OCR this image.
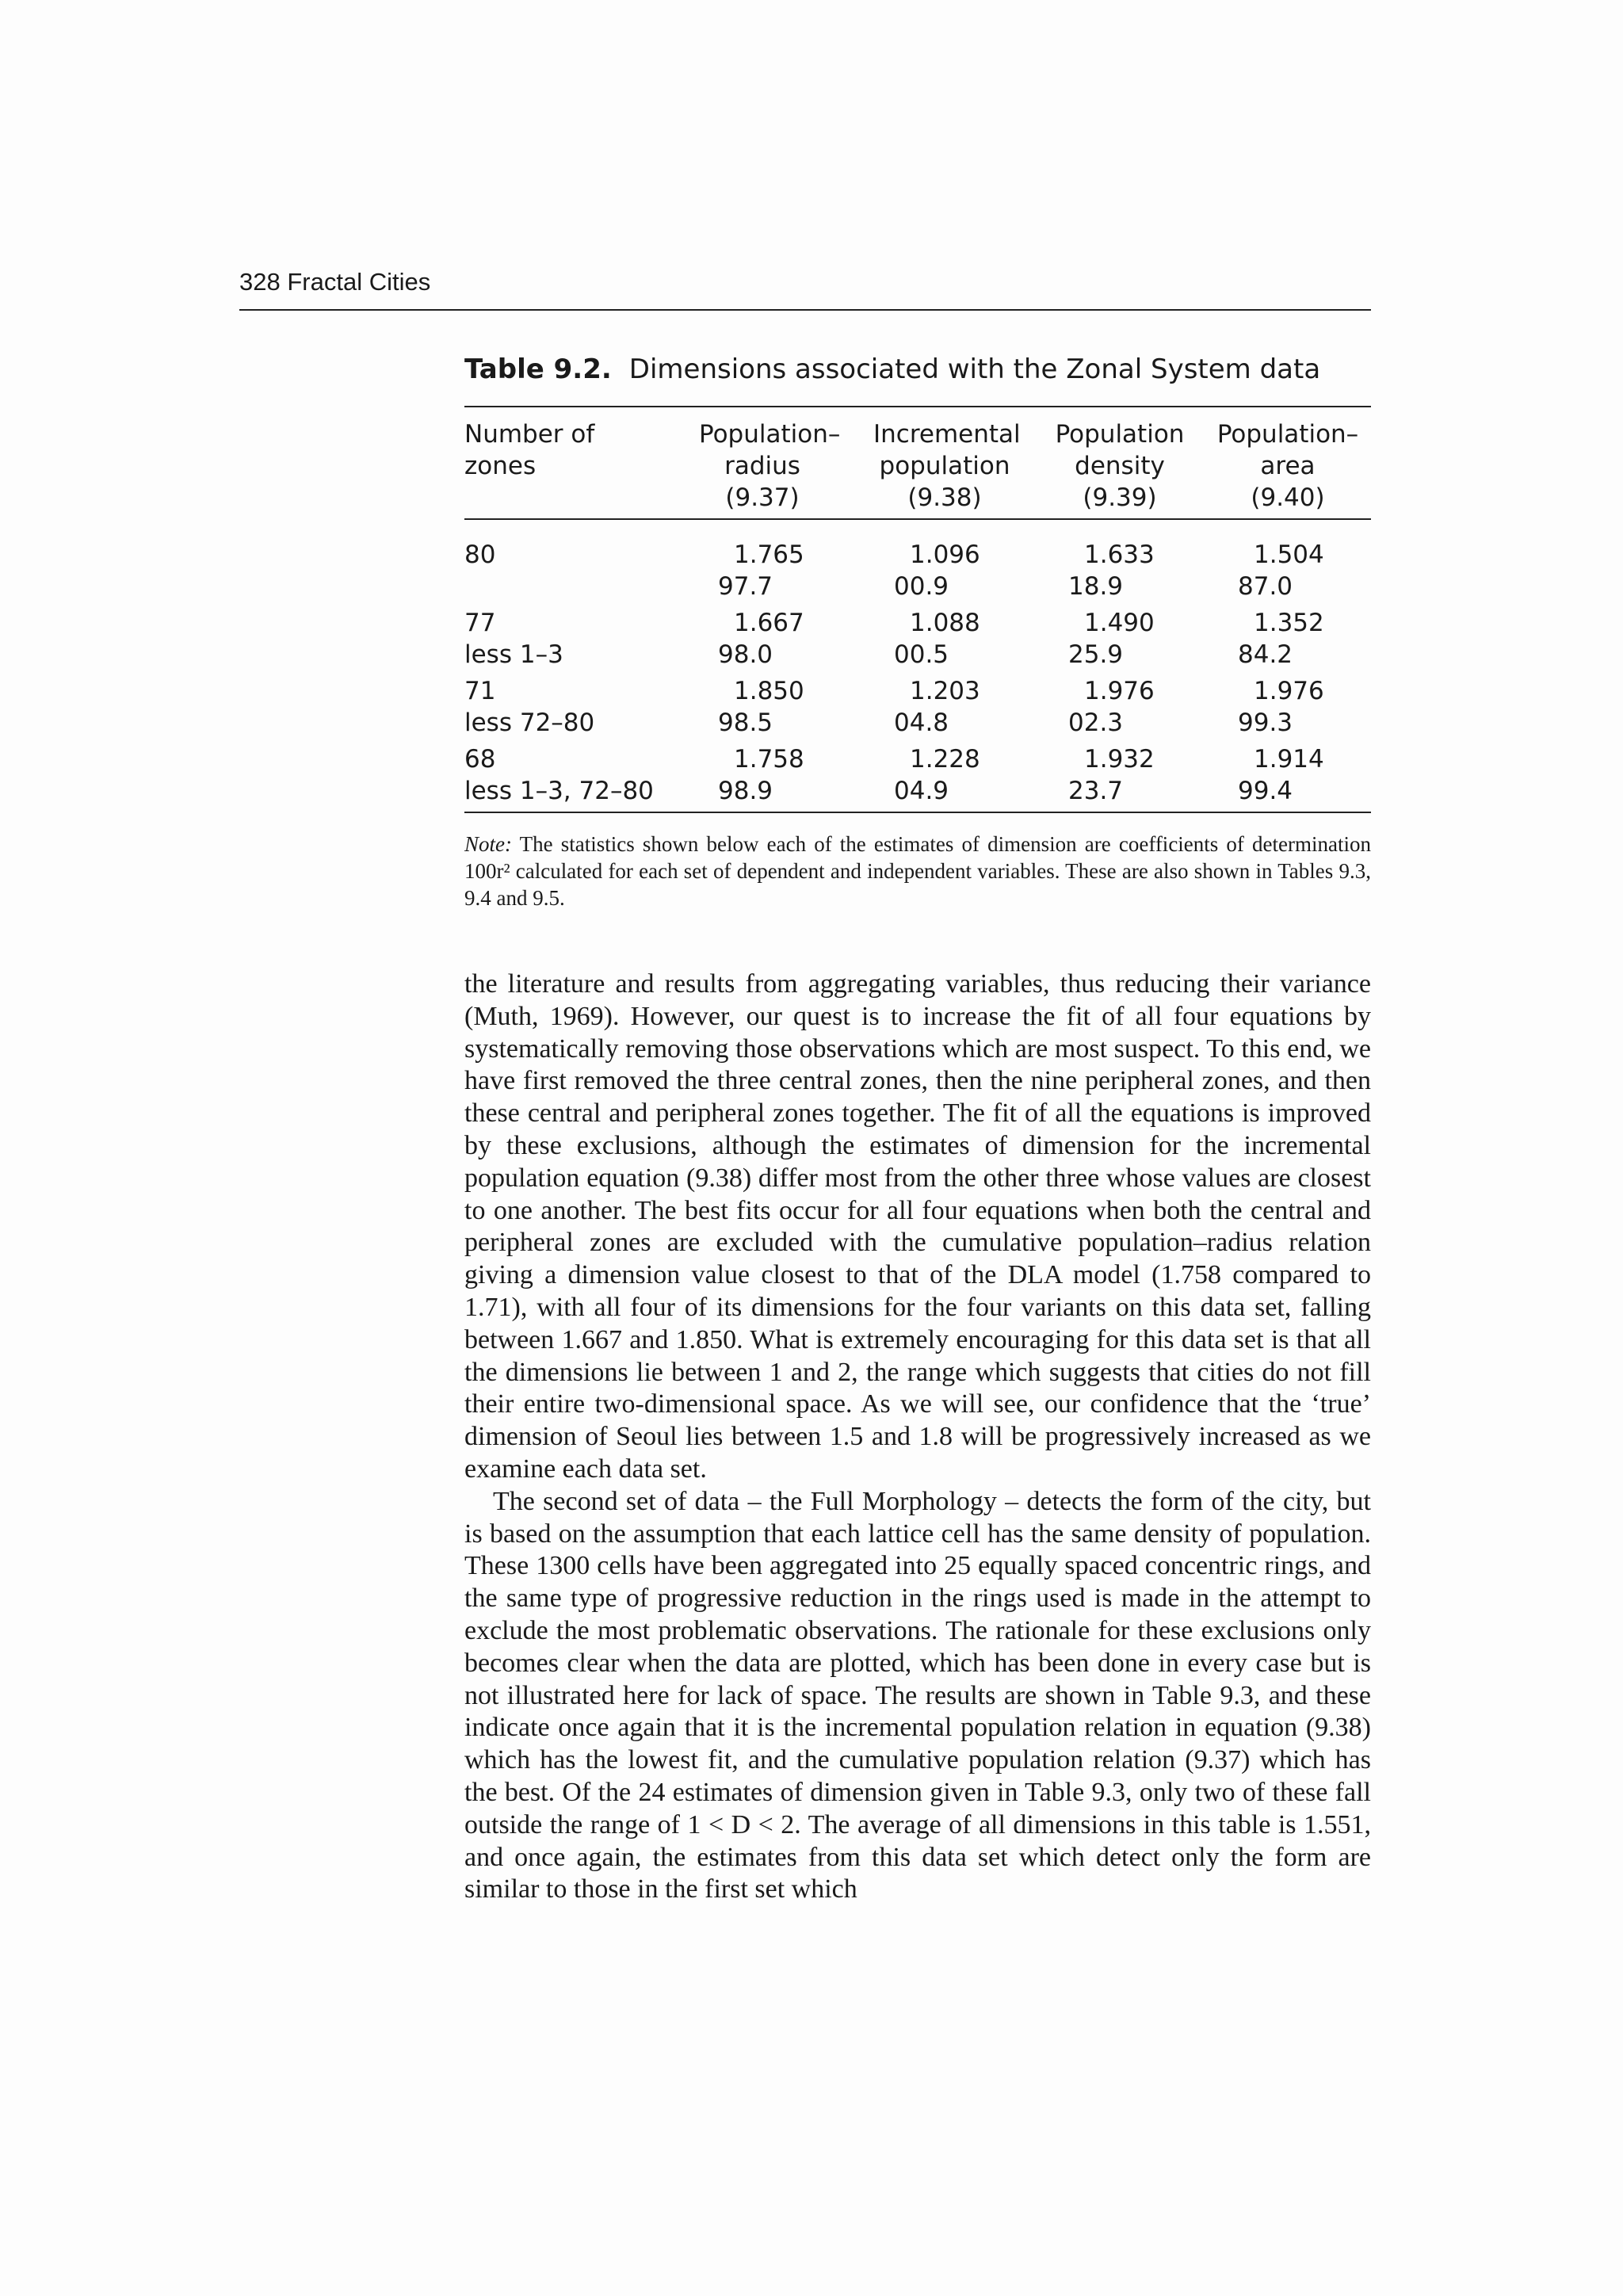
328 Fractal Cities
Table 9.2. Dimensions associated with the Zonal System data
Number of
zones
Population–
radius
(9.37)
Incremental
population
(9.38)
Population
density
(9.39)
Population–
area
(9.40)
80	1.765
97.7
1.096
00.9
1.633
18.9
1.504
87.0
77
less 1–3
1.667
98.0
1.088
00.5
1.490
25.9
1.352
84.2
71
less 72–80
1.850
98.5
1.203
04.8
1.976
02.3
1.976
99.3
68
less 1–3, 72–80
1.758
98.9
1.228
04.9
1.932
23.7
1.914
99.4
Note: The statistics shown below each of the estimates of dimension are coefficients of determination 100r² calculated for each set of dependent and independent variables. These are also shown in Tables 9.3, 9.4 and 9.5.

the literature and results from aggregating variables, thus reducing their variance (Muth, 1969). However, our quest is to increase the fit of all four equations by systematically removing those observations which are most suspect. To this end, we have first removed the three central zones, then the nine peripheral zones, and then these central and peripheral zones together. The fit of all the equations is improved by these exclusions, although the estimates of dimension for the incremental population equation (9.38) differ most from the other three whose values are closest to one another. The best fits occur for all four equations when both the central and peripheral zones are excluded with the cumulative population–radius relation giving a dimension value closest to that of the DLA model (1.758 compared to 1.71), with all four of its dimensions for the four variants on this data set, falling between 1.667 and 1.850. What is extremely encouraging for this data set is that all the dimensions lie between 1 and 2, the range which suggests that cities do not fill their entire two-dimensional space. As we will see, our confidence that the ‘true’ dimension of Seoul lies between 1.5 and 1.8 will be progressively increased as we examine each data set.

The second set of data – the Full Morphology – detects the form of the city, but is based on the assumption that each lattice cell has the same density of population. These 1300 cells have been aggregated into 25 equally spaced concentric rings, and the same type of progressive reduction in the rings used is made in the attempt to exclude the most problematic observations. The rationale for these exclusions only becomes clear when the data are plotted, which has been done in every case but is not illustrated here for lack of space. The results are shown in Table 9.3, and these indicate once again that it is the incremental population relation in equation (9.38) which has the lowest fit, and the cumulative population relation (9.37) which has the best. Of the 24 estimates of dimension given in Table 9.3, only two of these fall outside the range of 1 < D < 2. The average of all dimensions in this table is 1.551, and once again, the estimates from this data set which detect only the form are similar to those in the first set which
